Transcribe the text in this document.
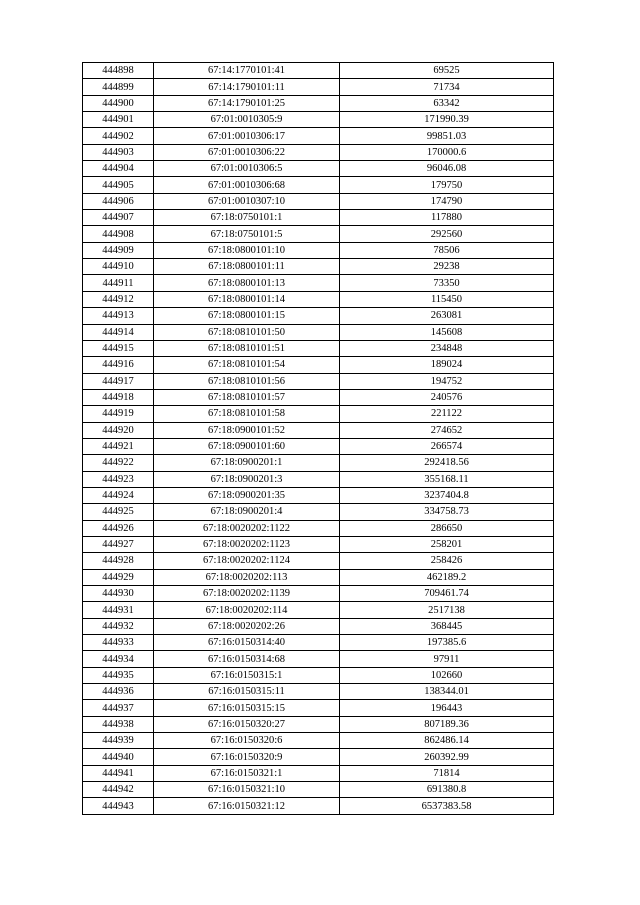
444898	67:14:1770101:41	69525
444899	67:14:1790101:11	71734
444900	67:14:1790101:25	63342
444901	67:01:0010305:9	171990.39
444902	67:01:0010306:17	99851.03
444903	67:01:0010306:22	170000.6
444904	67:01:0010306:5	96046.08
444905	67:01:0010306:68	179750
444906	67:01:0010307:10	174790
444907	67:18:0750101:1	117880
444908	67:18:0750101:5	292560
444909	67:18:0800101:10	78506
444910	67:18:0800101:11	29238
444911	67:18:0800101:13	73350
444912	67:18:0800101:14	115450
444913	67:18:0800101:15	263081
444914	67:18:0810101:50	145608
444915	67:18:0810101:51	234848
444916	67:18:0810101:54	189024
444917	67:18:0810101:56	194752
444918	67:18:0810101:57	240576
444919	67:18:0810101:58	221122
444920	67:18:0900101:52	274652
444921	67:18:0900101:60	266574
444922	67:18:0900201:1	292418.56
444923	67:18:0900201:3	355168.11
444924	67:18:0900201:35	3237404.8
444925	67:18:0900201:4	334758.73
444926	67:18:0020202:1122	286650
444927	67:18:0020202:1123	258201
444928	67:18:0020202:1124	258426
444929	67:18:0020202:113	462189.2
444930	67:18:0020202:1139	709461.74
444931	67:18:0020202:114	2517138
444932	67:18:0020202:26	368445
444933	67:16:0150314:40	197385.6
444934	67:16:0150314:68	97911
444935	67:16:0150315:1	102660
444936	67:16:0150315:11	138344.01
444937	67:16:0150315:15	196443
444938	67:16:0150320:27	807189.36
444939	67:16:0150320:6	862486.14
444940	67:16:0150320:9	260392.99
444941	67:16:0150321:1	71814
444942	67:16:0150321:10	691380.8
444943	67:16:0150321:12	6537383.58
